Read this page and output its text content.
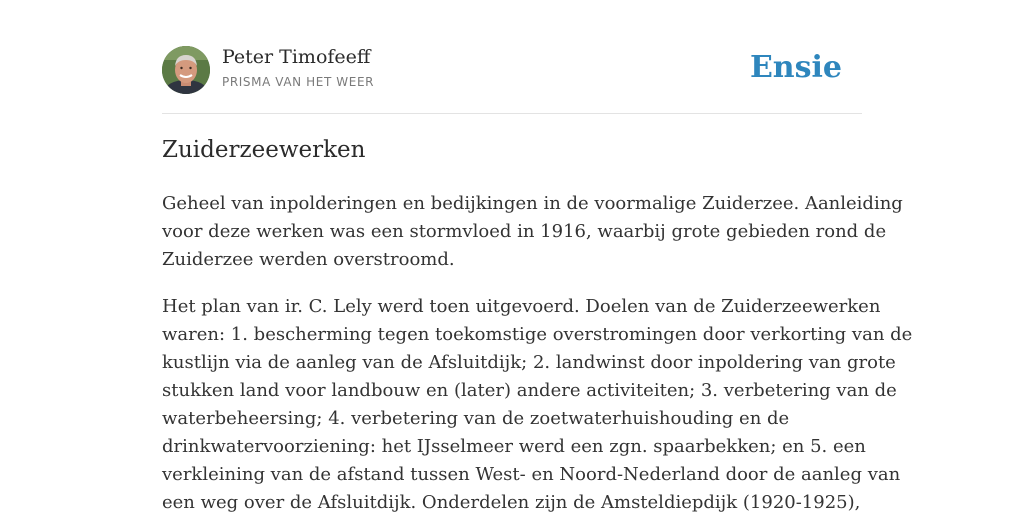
Peter Timofeeff
PRISMA VAN HET WEER	Ensie
Zuiderzeewerken

Geheel van inpolderingen en bedijkingen in de voormalige Zuiderzee. Aanleiding
voor deze werken was een stormvloed in 1916, waarbij grote gebieden rond de
Zuiderzee werden overstroomd.

Het plan van ir. C. Lely werd toen uitgevoerd. Doelen van de Zuiderzeewerken
waren: 1. bescherming tegen toekomstige overstromingen door verkorting van de
kustlijn via de aanleg van de Afsluitdijk; 2. landwinst door inpoldering van grote
stukken land voor landbouw en (later) andere activiteiten; 3. verbetering van de
waterbeheersing; 4. verbetering van de zoetwaterhuishouding en de
drinkwatervoorziening: het IJsselmeer werd een zgn. spaarbekken; en 5. een
verkleining van de afstand tussen West- en Noord-Nederland door de aanleg van
een weg over de Afsluitdijk. Onderdelen zijn de Amsteldiepdijk (1920-1925),
